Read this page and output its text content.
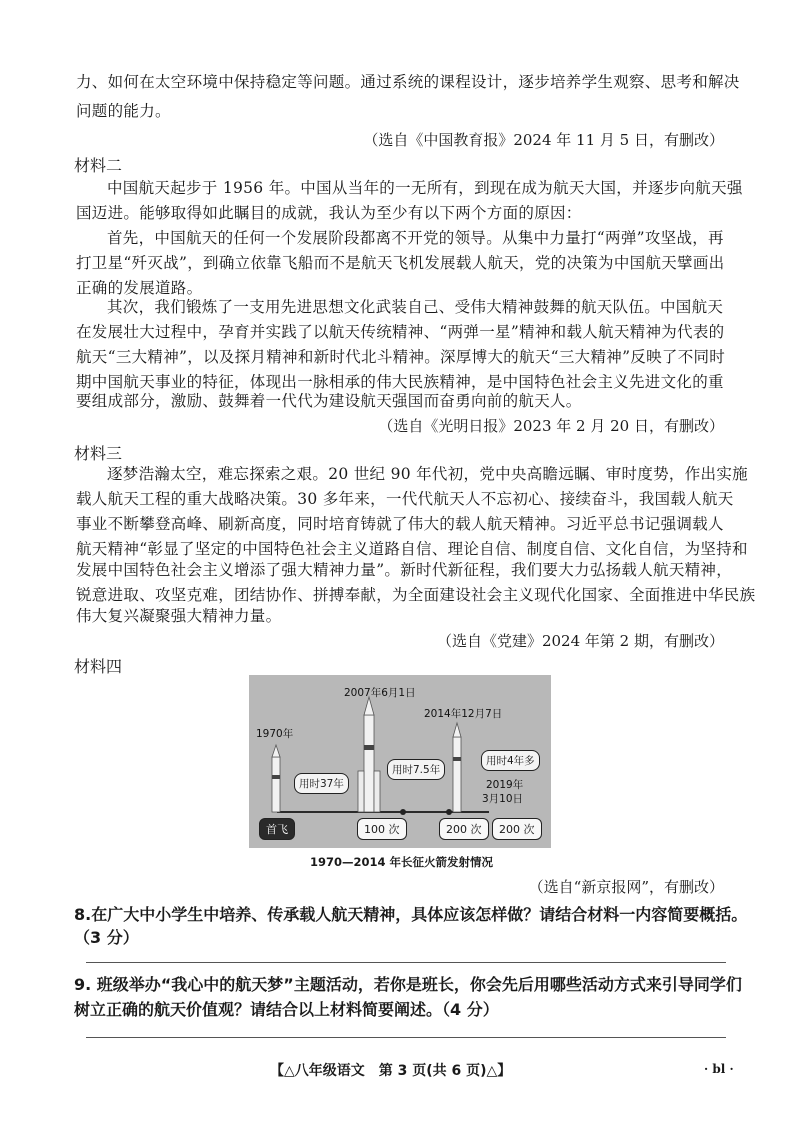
力、如何在太空环境中保持稳定等问题。通过系统的课程设计，逐步培养学生观察、思考和解决
问题的能力。
（选自《中国教育报》2024 年 11 月 5 日，有删改）
材料二
中国航天起步于 1956 年。中国从当年的一无所有，到现在成为航天大国，并逐步向航天强
国迈进。能够取得如此瞩目的成就，我认为至少有以下两个方面的原因：
首先，中国航天的任何一个发展阶段都离不开党的领导。从集中力量打“两弹”攻坚战，再
打卫星“歼灭战”，到确立依靠飞船而不是航天飞机发展载人航天，党的决策为中国航天擘画出
正确的发展道路。
其次，我们锻炼了一支用先进思想文化武装自己、受伟大精神鼓舞的航天队伍。中国航天
在发展壮大过程中，孕育并实践了以航天传统精神、“两弹一星”精神和载人航天精神为代表的
航天“三大精神”，以及探月精神和新时代北斗精神。深厚博大的航天“三大精神”反映了不同时
期中国航天事业的特征，体现出一脉相承的伟大民族精神，是中国特色社会主义先进文化的重
要组成部分，激励、鼓舞着一代代为建设航天强国而奋勇向前的航天人。
（选自《光明日报》2023 年 2 月 20 日，有删改）
材料三
逐梦浩瀚太空，难忘探索之艰。20 世纪 90 年代初，党中央高瞻远瞩、审时度势，作出实施
载人航天工程的重大战略决策。30 多年来，一代代航天人不忘初心、接续奋斗，我国载人航天
事业不断攀登高峰、刷新高度，同时培育铸就了伟大的载人航天精神。习近平总书记强调载人
航天精神“彰显了坚定的中国特色社会主义道路自信、理论自信、制度自信、文化自信，为坚持和
发展中国特色社会主义增添了强大精神力量”。新时代新征程，我们要大力弘扬载人航天精神，
锐意进取、攻坚克难，团结协作、拼搏奉献，为全面建设社会主义现代化国家、全面推进中华民族
伟大复兴凝聚强大精神力量。
（选自《党建》2024 年第 2 期，有删改）
材料四
1970年
2007年6月1日
2014年12月7日
2019年
3月10日
用时37年
用时7.5年
用时4年多
首飞	100 次	200 次	200 次
1970—2014 年长征火箭发射情况
（选自“新京报网”，有删改）
8.在广大中小学生中培养、传承载人航天精神，具体应该怎样做？请结合材料一内容简要概括。
（3 分）
9. 班级举办“我心中的航天梦”主题活动，若你是班长，你会先后用哪些活动方式来引导同学们
树立正确的航天价值观？请结合以上材料简要阐述。（4 分）
【△八年级语文　第 3 页(共 6 页)△】	· bl ·
